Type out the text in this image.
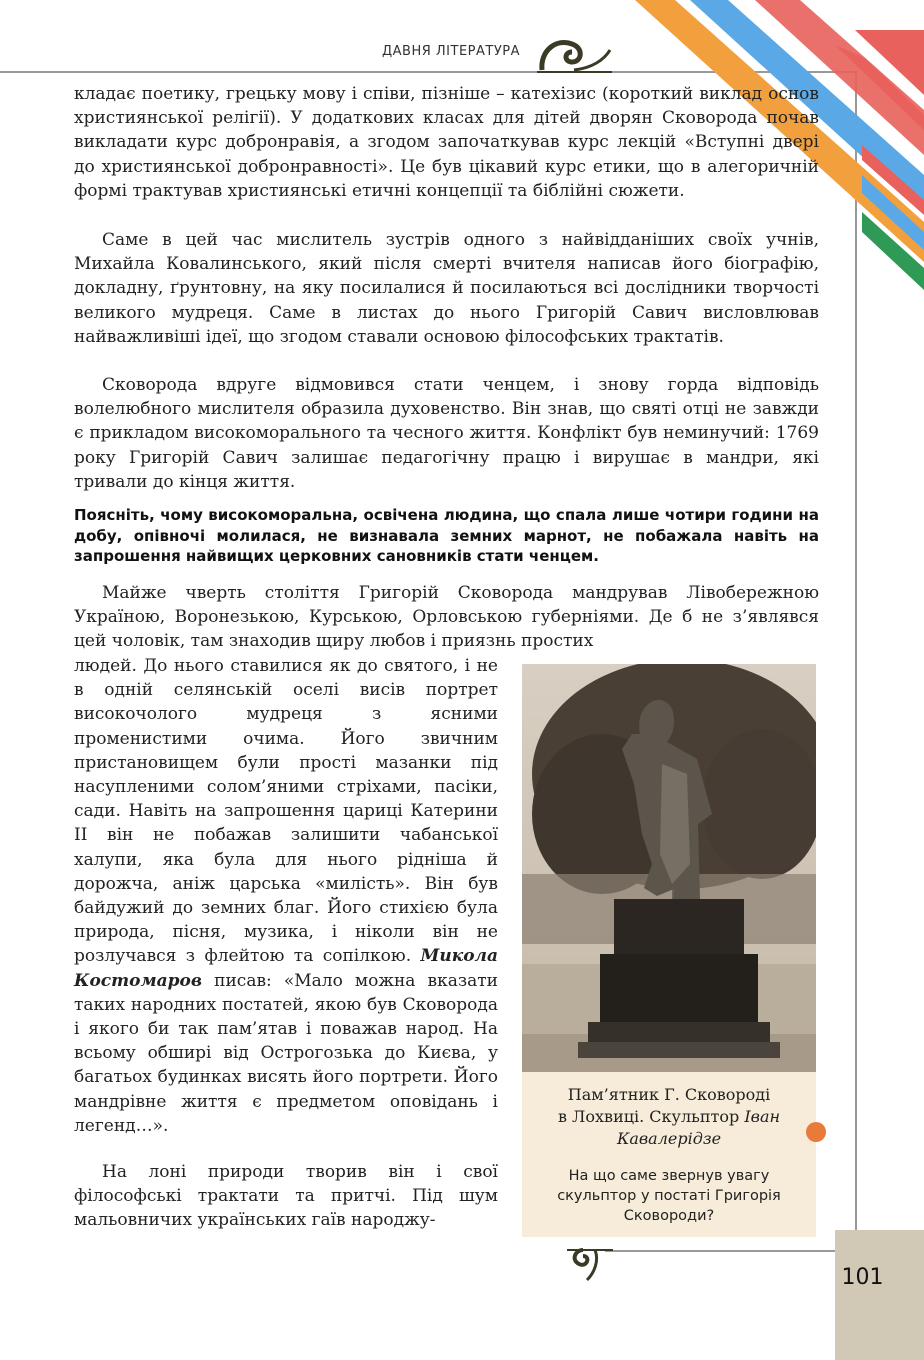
ДАВНЯ ЛІТЕРАТУРА

кладає поетику, грецьку мову і співи, пізніше – катехізис (короткий виклад основ християнської релігії). У додаткових класах для дітей дворян Сковорода почав викладати курс добронравія, а згодом започаткував курс лекцій «Вступні двері до християнської добронравності». Це був цікавий курс етики, що в алегоричній формі трактував християнські етичні концепції та біблійні сюжети.

Саме в цей час мислитель зустрів одного з найвідданіших своїх учнів, Михайла Ковалинського, який після смерті вчителя написав його біографію, докладну, ґрунтовну, на яку посилалися й посилаються всі дослідники творчості великого мудреця. Саме в листах до нього Григорій Савич висловлював найважливіші ідеї, що згодом ставали основою філософських трактатів.

Сковорода вдруге відмовився стати ченцем, і знову горда відповідь волелюбного мислителя образила духовенство. Він знав, що святі отці не завжди є прикладом високоморального та чесного життя. Конфлікт був неминучий: 1769 року Григорій Савич залишає педагогічну працю і вирушає в мандри, які тривали до кінця життя.

Поясніть, чому високоморальна, освічена людина, що спала лише чотири години на добу, опівночі молилася, не визнавала земних марнот, не побажала навіть на запрошення найвищих церковних сановників стати ченцем.

Майже чверть століття Григорій Сковорода мандрував Лівобережною Україною, Воронезькою, Курською, Орловською губерніями. Де б не з’являвся цей чоловік, там знаходив щиру любов і приязнь простих

людей. До нього ставилися як до святого, і не в одній селянській оселі висів портрет високочолого мудреця з ясними променистими очима. Його звичним пристановищем були прості мазанки під насупленими солом’яними стріхами, пасіки, сади. Навіть на запрошення цариці Катерини ІІ він не побажав залишити чабанської халупи, яка була для нього рідніша й дорожча, аніж царська «милість». Він був байдужий до земних благ. Його стихією була природа, пісня, музика, і ніколи він не розлучався з флейтою та сопілкою. Микола Костомаров писав: «Мало можна вказати таких народних постатей, якою був Сковорода і якого би так пам’ятав і поважав народ. На всьому обширі від Острогозька до Києва, у багатьох будинках висять його портрети. Його мандрівне життя є предметом оповідань і легенд…».

На лоні природи творив він і свої філософські трактати та притчі. Під шум мальовничих українських гаїв народжу-

Пам’ятник Г. Сковороді
в Лохвиці. Скульптор Іван Кавалерідзе

На що саме звернув увагу скульптор у постаті Григорія Сковороди?

101
